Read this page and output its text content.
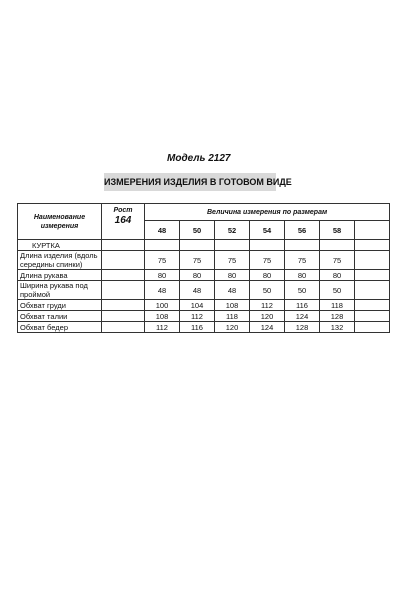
Модель 2127
ИЗМЕРЕНИЯ ИЗДЕЛИЯ В ГОТОВОМ ВИДЕ
Наименование измерения	Рост
164	Величина измерения по размерам						
		48	50	52	54	56	58	
КУРТКА								
Длина изделия (вдоль середины спинки)		75	75	75	75	75	75	
Длина рукава		80	80	80	80	80	80	
Ширина рукава под проймой		48	48	48	50	50	50	
Обхват груди		100	104	108	112	116	118	
Обхват талии		108	112	118	120	124	128	
Обхват бедер		112	116	120	124	128	132	
